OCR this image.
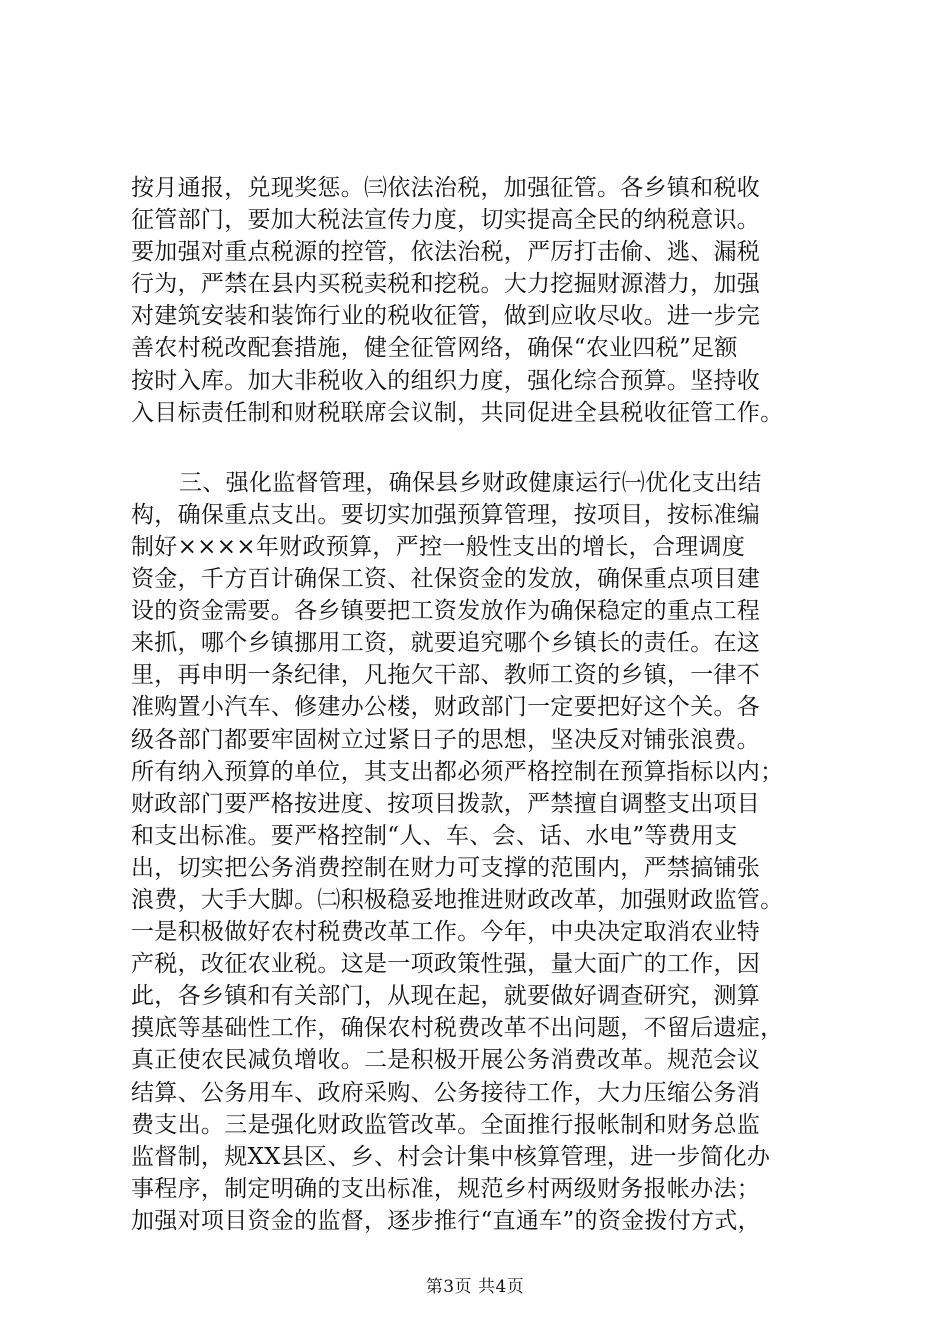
按月通报，兑现奖惩。㈢依法治税，加强征管。各乡镇和税收
征管部门，要加大税法宣传力度，切实提高全民的纳税意识。
要加强对重点税源的控管，依法治税，严厉打击偷、逃、漏税
行为，严禁在县内买税卖税和挖税。大力挖掘财源潜力，加强
对建筑安装和装饰行业的税收征管，做到应收尽收。进一步完
善农村税改配套措施，健全征管网络，确保“农业四税”足额
按时入库。加大非税收入的组织力度，强化综合预算。坚持收
入目标责任制和财税联席会议制，共同促进全县税收征管工作。
三、强化监督管理，确保县乡财政健康运行㈠优化支出结
构，确保重点支出。要切实加强预算管理，按项目，按标准编
制好××××年财政预算，严控一般性支出的增长，合理调度
资金，千方百计确保工资、社保资金的发放，确保重点项目建
设的资金需要。各乡镇要把工资发放作为确保稳定的重点工程
来抓，哪个乡镇挪用工资，就要追究哪个乡镇长的责任。在这
里，再申明一条纪律，凡拖欠干部、教师工资的乡镇，一律不
准购置小汽车、修建办公楼，财政部门一定要把好这个关。各
级各部门都要牢固树立过紧日子的思想，坚决反对铺张浪费。
所有纳入预算的单位，其支出都必须严格控制在预算指标以内；
财政部门要严格按进度、按项目拨款，严禁擅自调整支出项目
和支出标准。要严格控制“人、车、会、话、水电”等费用支
出，切实把公务消费控制在财力可支撑的范围内，严禁搞铺张
浪费，大手大脚。㈡积极稳妥地推进财政改革，加强财政监管。
一是积极做好农村税费改革工作。今年，中央决定取消农业特
产税，改征农业税。这是一项政策性强，量大面广的工作，因
此，各乡镇和有关部门，从现在起，就要做好调查研究，测算
摸底等基础性工作，确保农村税费改革不出问题，不留后遗症，
真正使农民减负增收。二是积极开展公务消费改革。规范会议
结算、公务用车、政府采购、公务接待工作，大力压缩公务消
费支出。三是强化财政监管改革。全面推行报帐制和财务总监
监督制，规XX县区、乡、村会计集中核算管理，进一步简化办
事程序，制定明确的支出标准，规范乡村两级财务报帐办法；
加强对项目资金的监督，逐步推行“直通车”的资金拨付方式，
第3页 共4页
